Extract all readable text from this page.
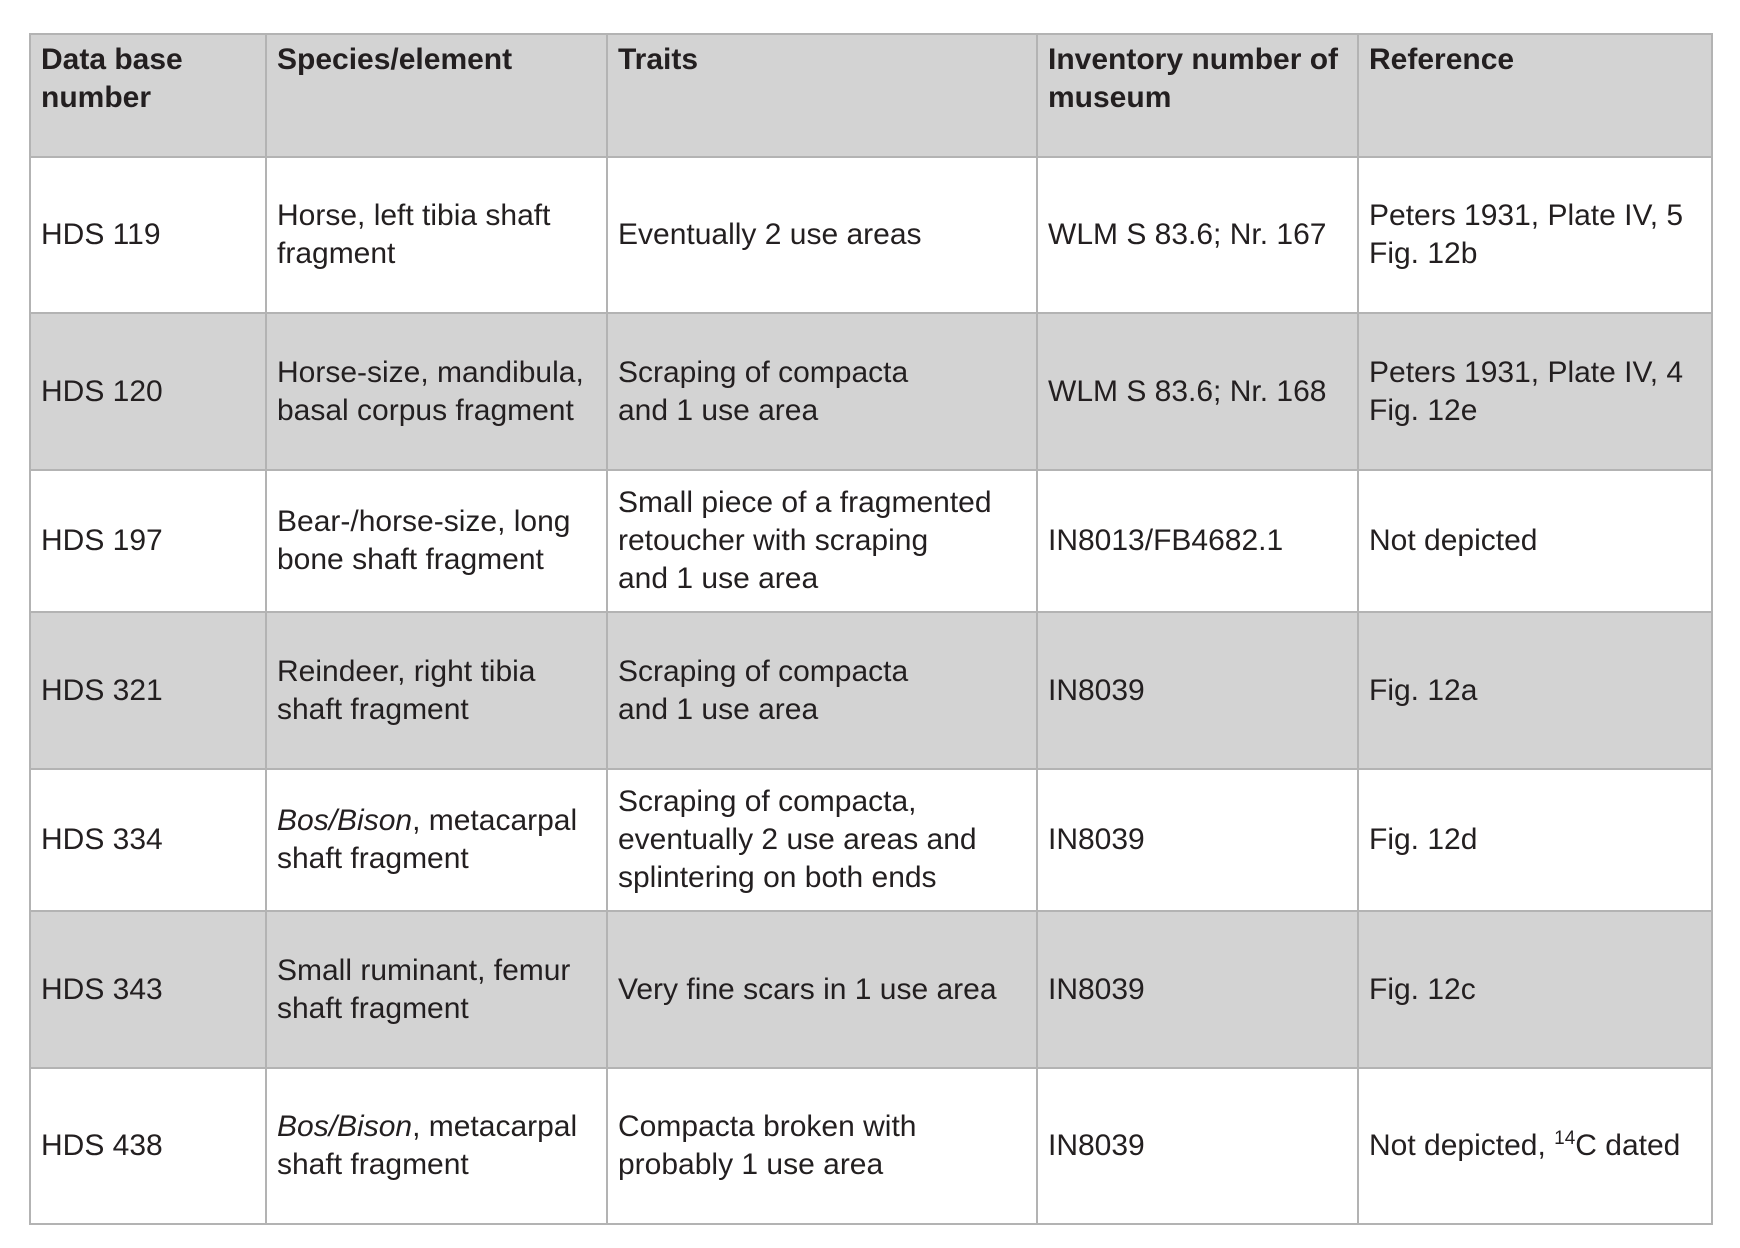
Data base number	Species/element	Traits	Inventory number of museum	Reference
HDS 119	Horse, left tibia shaft fragment	Eventually 2 use areas	WLM S 83.6; Nr. 167	Peters 1931, Plate IV, 5
Fig. 12b
HDS 120	Horse-size, mandibula, basal corpus fragment	Scraping of compacta
and 1 use area	WLM S 83.6; Nr. 168	Peters 1931, Plate IV, 4
Fig. 12e
HDS 197	Bear-/horse-size, long bone shaft fragment	Small piece of a fragmented
retoucher with scraping
and 1 use area	IN8013/FB4682.1	Not depicted
HDS 321	Reindeer, right tibia shaft fragment	Scraping of compacta
and 1 use area	IN8039	Fig. 12a
HDS 334	Bos/Bison, metacarpal shaft fragment	Scraping of compacta,
eventually 2 use areas and
splintering on both ends	IN8039	Fig. 12d
HDS 343	Small ruminant, femur shaft fragment	Very fine scars in 1 use area	IN8039	Fig. 12c
HDS 438	Bos/Bison, metacarpal shaft fragment	Compacta broken with probably 1 use area	IN8039	Not depicted, $^{14}$C dated
